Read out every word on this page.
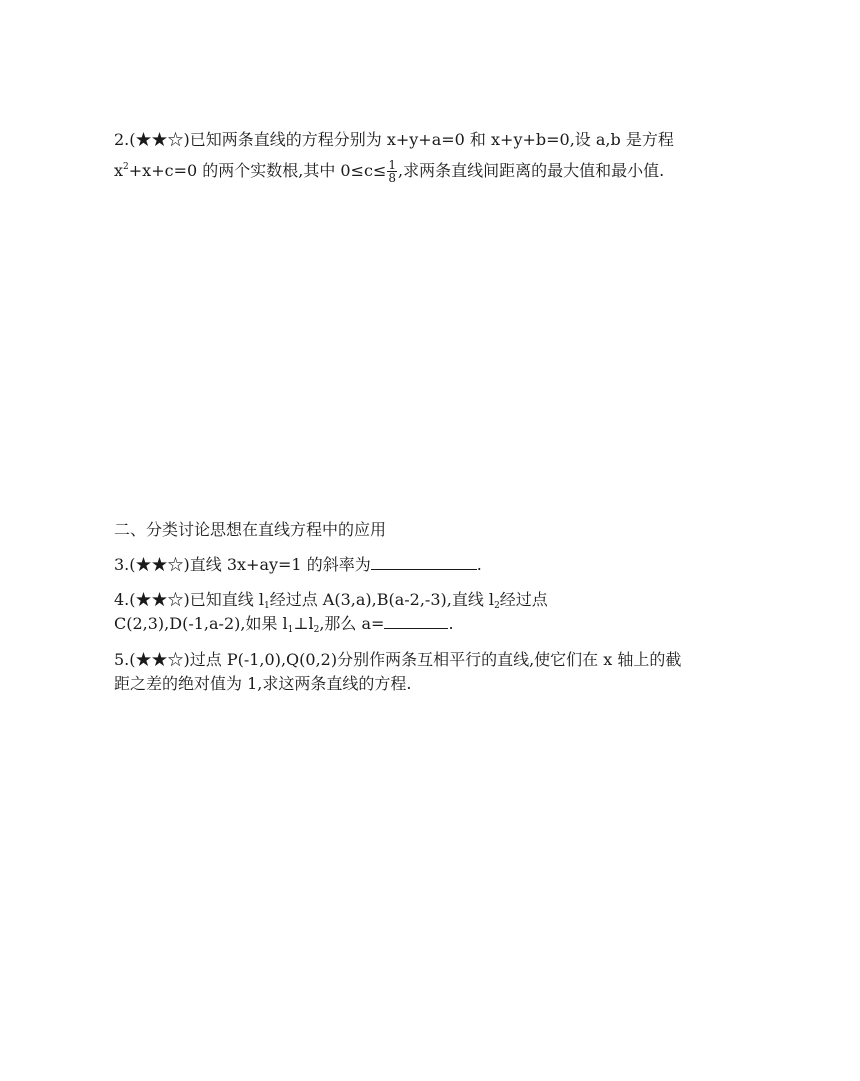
2.(★★☆)已知两条直线的方程分别为 x+y+a=0 和 x+y+b=0,设 a,b 是方程
$x^2+x+c=0$ 的两个实数根,其中 $0\le c\le \frac{1}{8}$ ,求两条直线间距离的最大值和最小值.
二、分类讨论思想在直线方程中的应用
3.(★★☆)直线 3x+ay=1 的斜率为	.
4.(★★☆)已知直线 $l_1$经过点 A(3,a),B(a-2,-3),直线 $l_2$经过点
C(2,3),D(-1,a-2),如果 $l_1\perp l_2$,那么 a=	.
5.(★★☆)过点 P(-1,0),Q(0,2)分别作两条互相平行的直线,使它们在 x 轴上的截
距之差的绝对值为 1,求这两条直线的方程.
